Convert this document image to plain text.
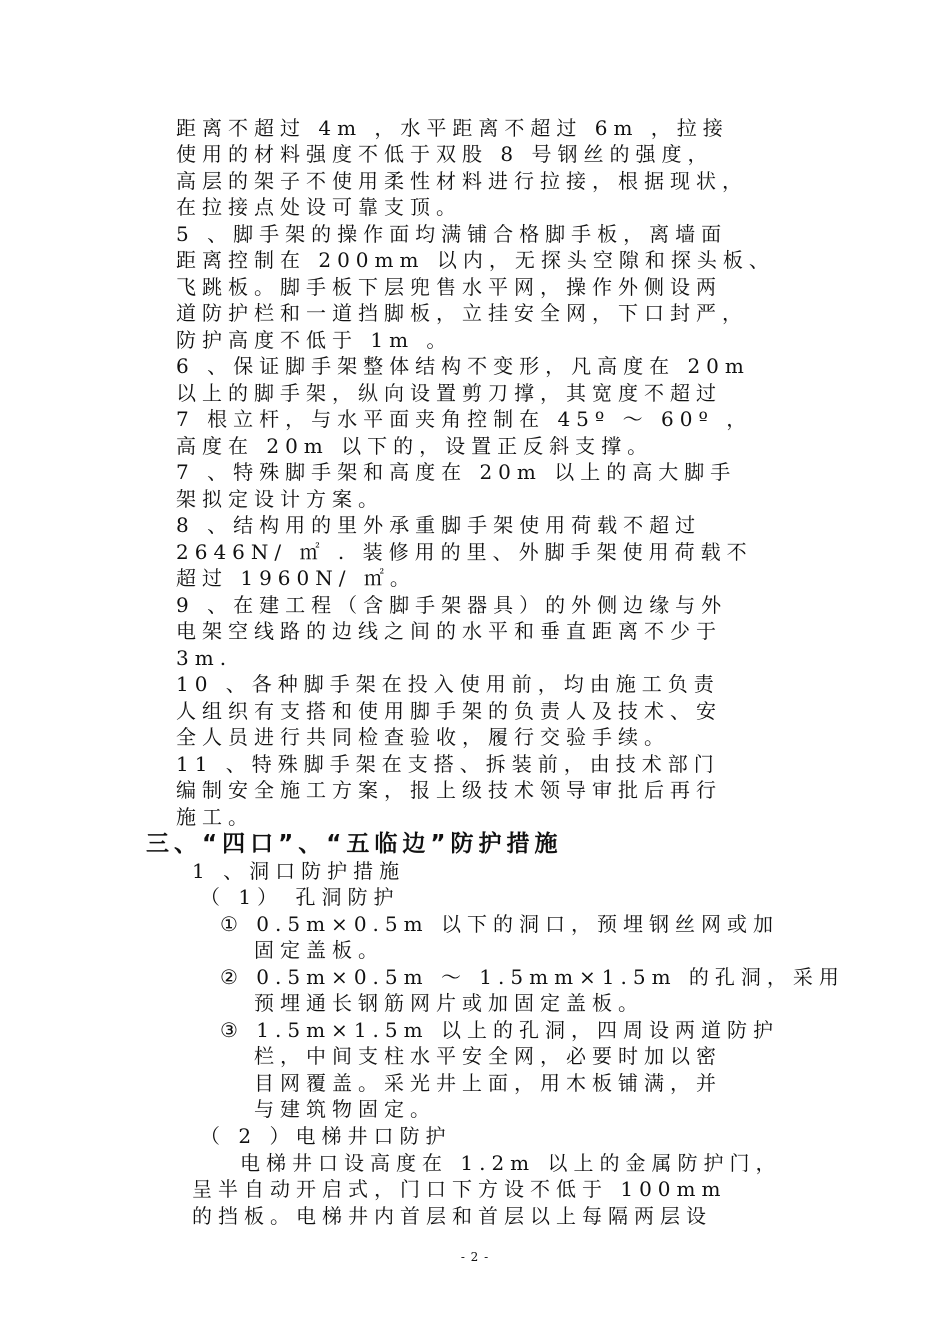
距离不超过 4m ，水平距离不超过 6m ，拉接
使用的材料强度不低于双股 8 号钢丝的强度，
高层的架子不使用柔性材料进行拉接，根据现状，
在拉接点处设可靠支顶。
5 、脚手架的操作面均满铺合格脚手板，离墙面
距离控制在 200mm 以内，无探头空隙和探头板、
飞跳板。脚手板下层兜售水平网，操作外侧设两
道防护栏和一道挡脚板，立挂安全网，下口封严，
防护高度不低于 1m 。
6 、保证脚手架整体结构不变形，凡高度在 20m
以上的脚手架，纵向设置剪刀撑，其宽度不超过
7 根立杆，与水平面夹角控制在 45º ～ 60º ，
高度在 20m 以下的，设置正反斜支撑。
7 、特殊脚手架和高度在 20m 以上的高大脚手
架拟定设计方案。
8 、结构用的里外承重脚手架使用荷载不超过
2646N/ ㎡ . 装修用的里、外脚手架使用荷载不
超过 1960N/ ㎡。
9 、在建工程（含脚手架器具）的外侧边缘与外
电架空线路的边线之间的水平和垂直距离不少于
3m.
10 、各种脚手架在投入使用前，均由施工负责
人组织有支搭和使用脚手架的负责人及技术、安
全人员进行共同检查验收，履行交验手续。
11 、特殊脚手架在支搭、拆装前，由技术部门
编制安全施工方案，报上级技术领导审批后再行
施工。
三、“四口”、“五临边”防护措施
1 、洞口防护措施
（ 1） 孔洞防护
① 0.5m×0.5m 以下的洞口，预埋钢丝网或加
固定盖板。
② 0.5m×0.5m ～ 1.5mm×1.5m 的孔洞，采用
预埋通长钢筋网片或加固定盖板。
③ 1.5m×1.5m 以上的孔洞，四周设两道防护
栏，中间支柱水平安全网，必要时加以密
目网覆盖。采光井上面，用木板铺满，并
与建筑物固定。
（ 2 ）电梯井口防护
电梯井口设高度在 1.2m 以上的金属防护门，
呈半自动开启式，门口下方设不低于 100mm
的挡板。电梯井内首层和首层以上每隔两层设
- 2 -
